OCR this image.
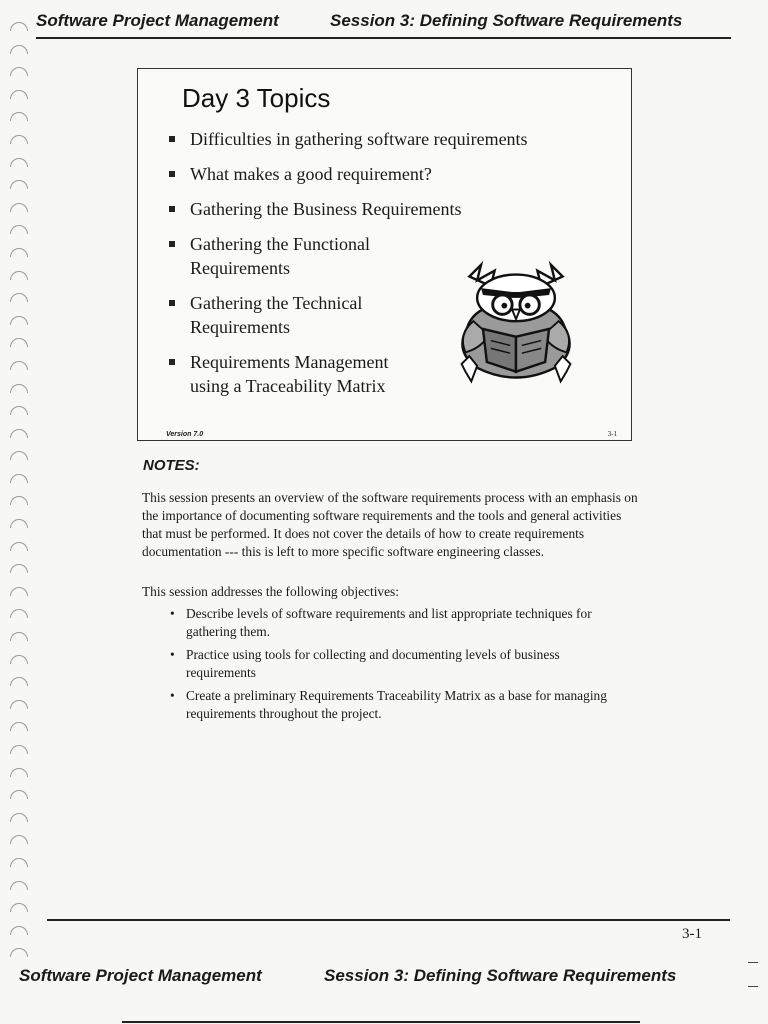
Software Project Management	Session 3: Defining Software Requirements
Day 3 Topics
Difficulties in gathering software requirements
What makes a good requirement?
Gathering the Business Requirements
Gathering the Functional Requirements
Gathering the Technical Requirements
Requirements Management using a Traceability Matrix
Version 7.0	3-1
NOTES:

This session presents an overview of the software requirements process with an emphasis on the importance of documenting software requirements and the tools and general activities that must be performed. It does not cover the details of how to create requirements documentation --- this is left to more specific software engineering classes.

This session addresses the following objectives:

• Describe levels of software requirements and list appropriate techniques for gathering them.
• Practice using tools for collecting and documenting levels of business requirements
• Create a preliminary Requirements Traceability Matrix as a base for managing requirements throughout the project.
3-1
Software Project Management	Session 3: Defining Software Requirements
